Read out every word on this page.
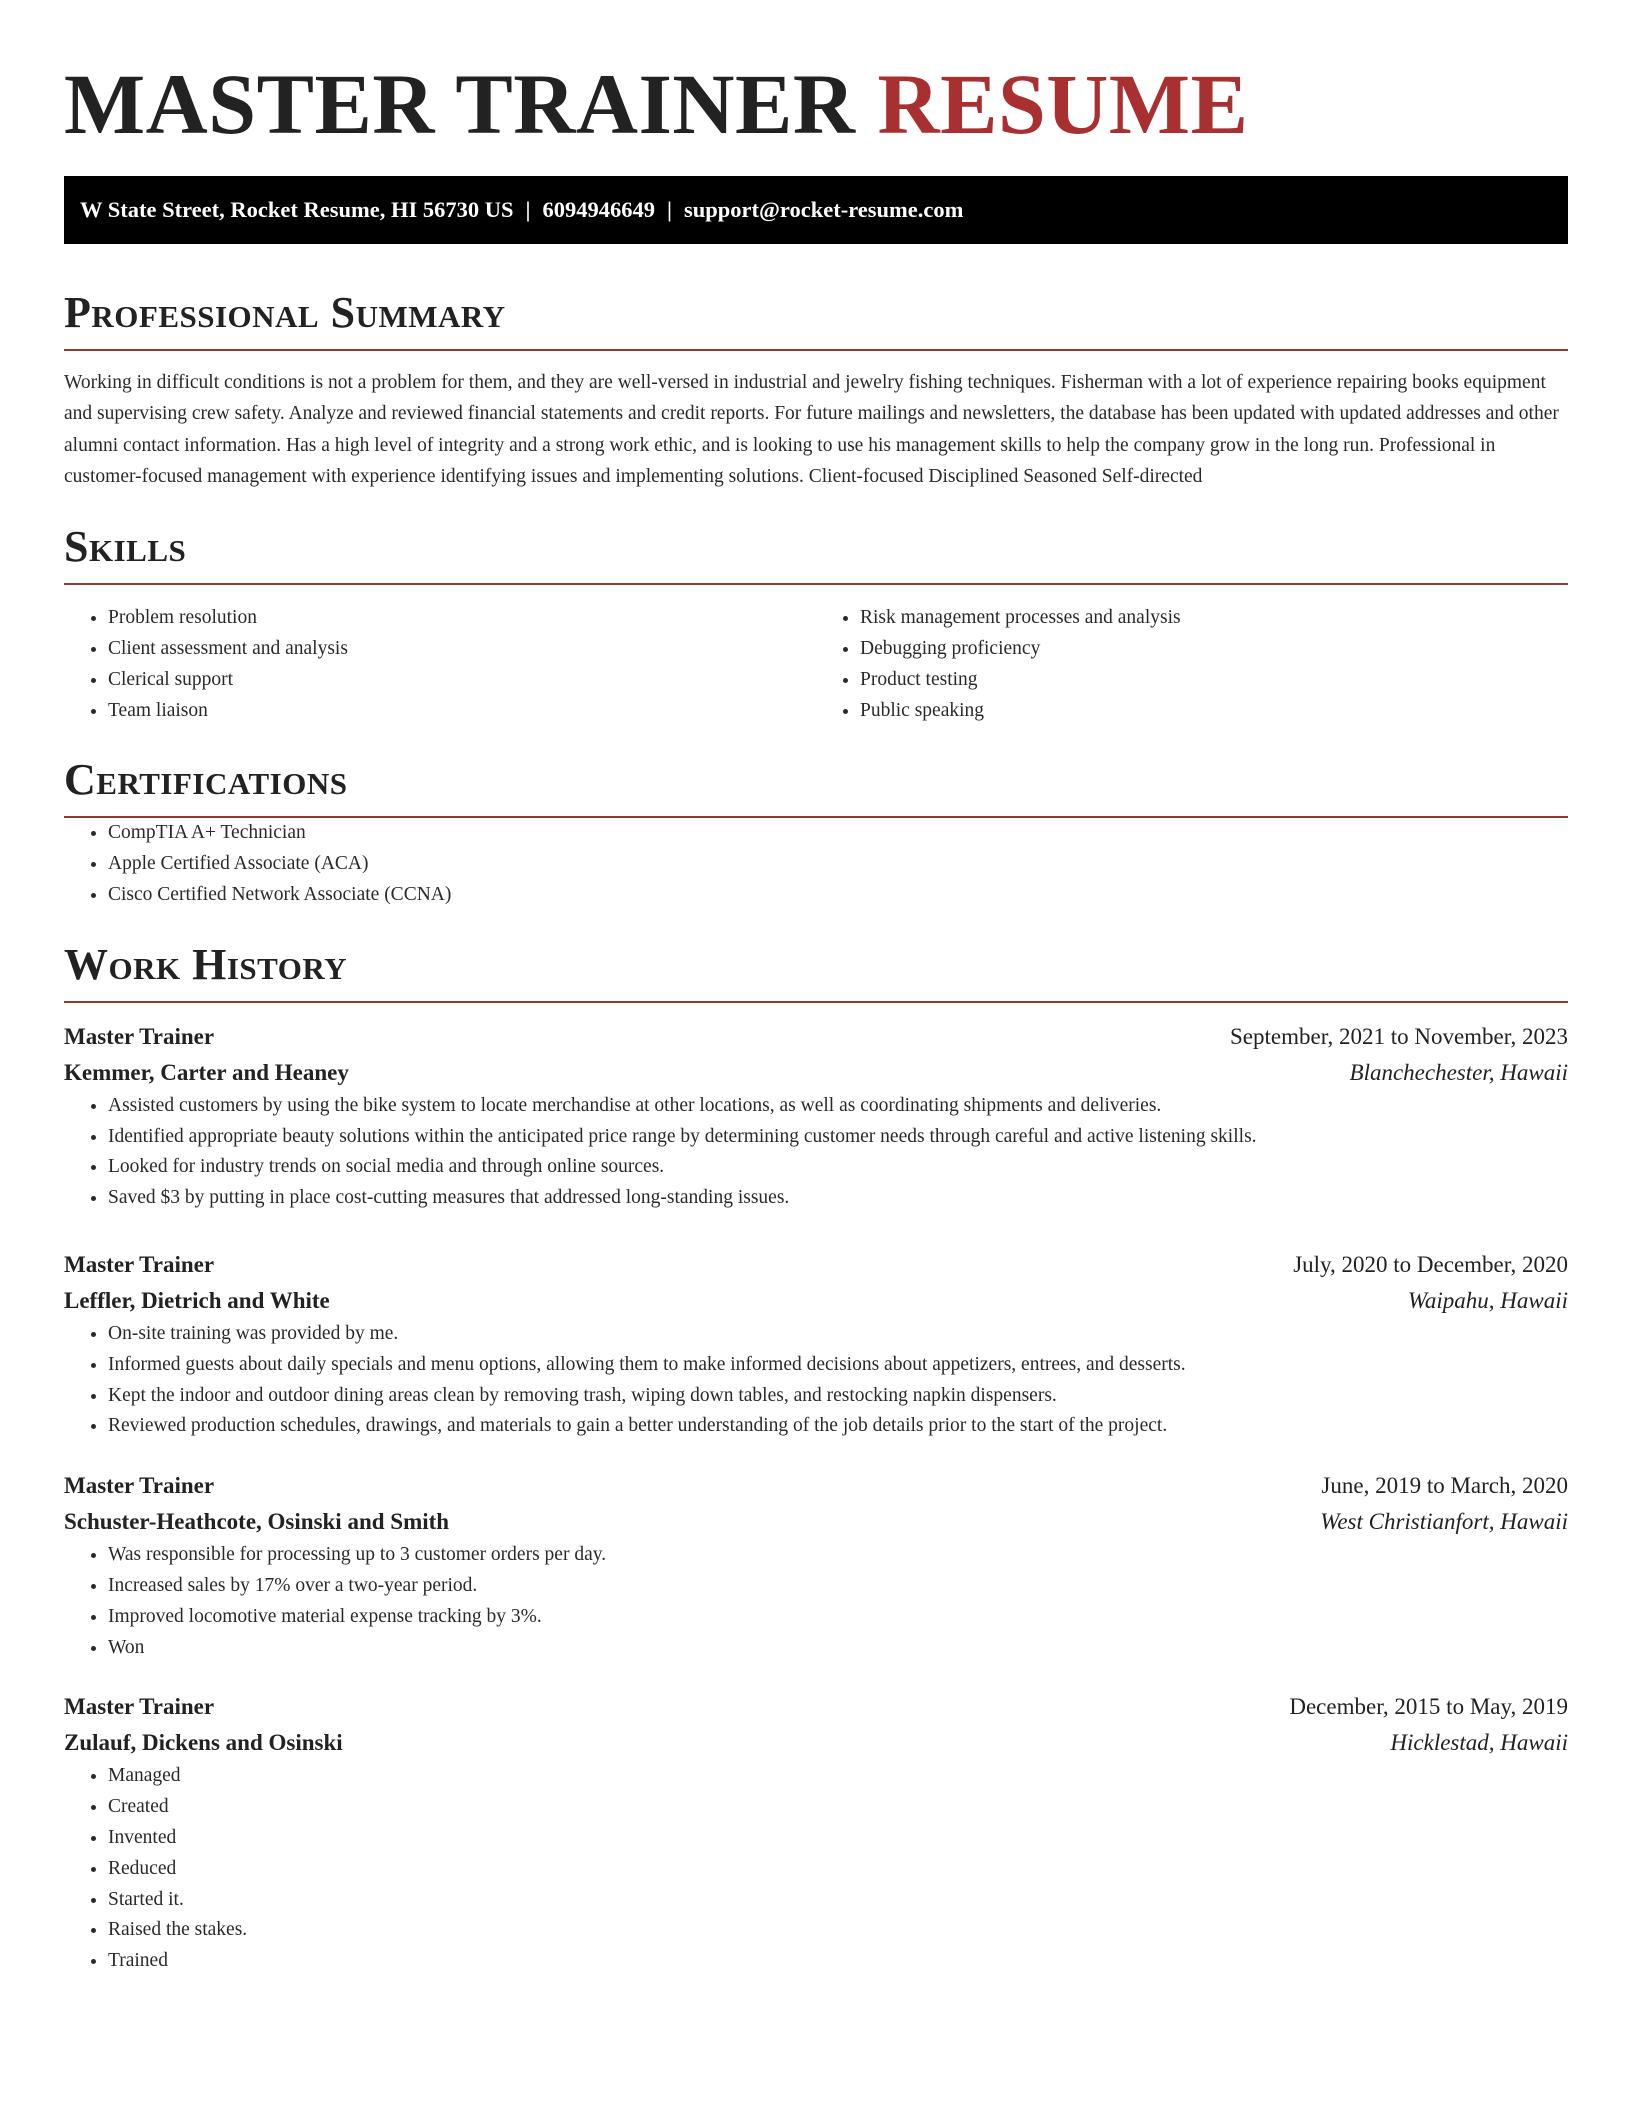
MASTER TRAINER RESUME
W State Street, Rocket Resume, HI 56730 US | 6094946649 | support@rocket-resume.com
Professional Summary

Working in difficult conditions is not a problem for them, and they are well-versed in industrial and jewelry fishing techniques. Fisherman with a lot of experience repairing books equipment and supervising crew safety. Analyze and reviewed financial statements and credit reports. For future mailings and newsletters, the database has been updated with updated addresses and other alumni contact information. Has a high level of integrity and a strong work ethic, and is looking to use his management skills to help the company grow in the long run. Professional in customer-focused management with experience identifying issues and implementing solutions. Client-focused Disciplined Seasoned Self-directed

Skills
• Problem resolution
• Client assessment and analysis
• Clerical support
• Team liaison
• Risk management processes and analysis
• Debugging proficiency
• Product testing
• Public speaking
Certifications
• CompTIA A+ Technician
• Apple Certified Associate (ACA)
• Cisco Certified Network Associate (CCNA)
Work History
Master Trainer	September, 2021 to November, 2023
Kemmer, Carter and Heaney	Blanchechester, Hawaii
• Assisted customers by using the bike system to locate merchandise at other locations, as well as coordinating shipments and deliveries.
• Identified appropriate beauty solutions within the anticipated price range by determining customer needs through careful and active listening skills.
• Looked for industry trends on social media and through online sources.
• Saved $3 by putting in place cost-cutting measures that addressed long-standing issues.
Master Trainer	July, 2020 to December, 2020
Leffler, Dietrich and White	Waipahu, Hawaii
• On-site training was provided by me.
• Informed guests about daily specials and menu options, allowing them to make informed decisions about appetizers, entrees, and desserts.
• Kept the indoor and outdoor dining areas clean by removing trash, wiping down tables, and restocking napkin dispensers.
• Reviewed production schedules, drawings, and materials to gain a better understanding of the job details prior to the start of the project.
Master Trainer	June, 2019 to March, 2020
Schuster-Heathcote, Osinski and Smith	West Christianfort, Hawaii
• Was responsible for processing up to 3 customer orders per day.
• Increased sales by 17% over a two-year period.
• Improved locomotive material expense tracking by 3%.
• Won
Master Trainer	December, 2015 to May, 2019
Zulauf, Dickens and Osinski	Hicklestad, Hawaii
• Managed
• Created
• Invented
• Reduced
• Started it.
• Raised the stakes.
• Trained
